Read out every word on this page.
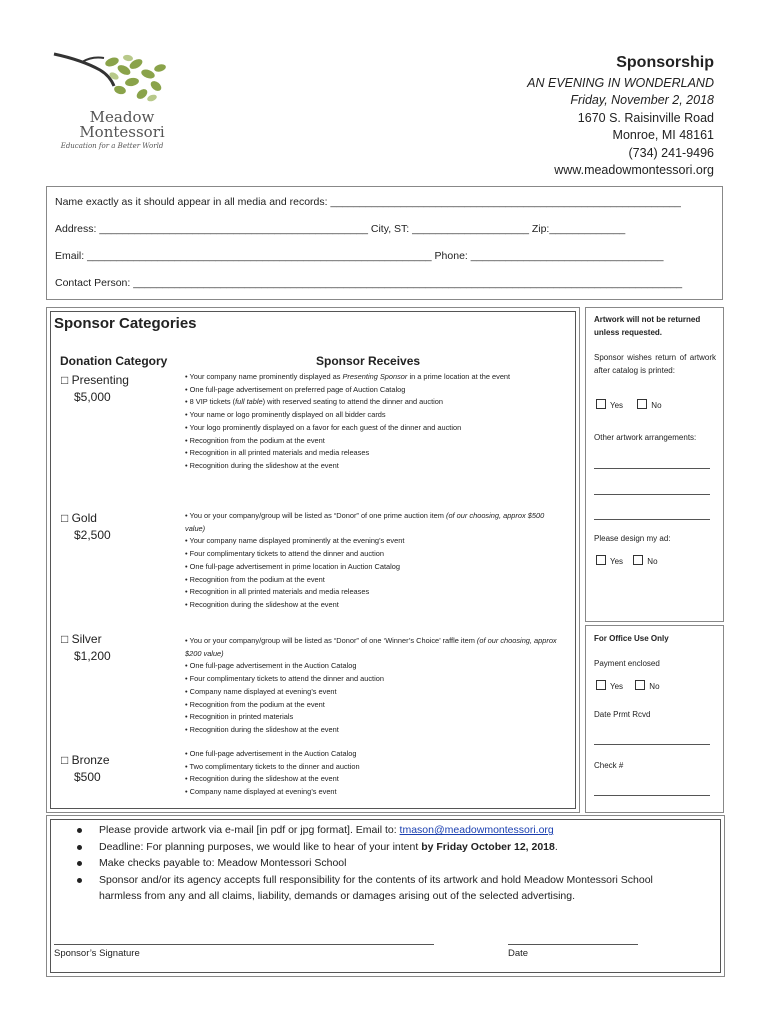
Meadow
Montessori
Education for a Better World
Sponsorship
AN EVENING IN WONDERLAND
Friday, November 2, 2018
1670 S. Raisinville Road
Monroe, MI 48161
(734) 241-9496
www.meadowmontessori.org
Name exactly as it should appear in all media and records: ____________________________________________________________
Address: ______________________________________________ City, ST: ____________________ Zip:_____________
Email: ___________________________________________________________ Phone: _________________________________
Contact Person: ______________________________________________________________________________________________
Sponsor Categories
Donation Category	Sponsor Receives
□ Presenting
$5,000
• Your company name prominently displayed as Presenting Sponsor in a prime location at the event
• One full-page advertisement on preferred page of Auction Catalog
• 8 VIP tickets (full table) with reserved seating to attend the dinner and auction
• Your name or logo prominently displayed on all bidder cards
• Your logo prominently displayed on a favor for each guest of the dinner and auction
• Recognition from the podium at the event
• Recognition in all printed materials and media releases
• Recognition during the slideshow at the event
□ Gold
$2,500
• You or your company/group will be listed as “Donor” of one prime auction item (of our choosing, approx $500 value)
• Your company name displayed prominently at the evening’s event
• Four complimentary tickets to attend the dinner and auction
• One full-page advertisement in prime location in Auction Catalog
• Recognition from the podium at the event
• Recognition in all printed materials and media releases
• Recognition during the slideshow at the event
□ Silver
$1,200
• You or your company/group will be listed as “Donor” of one ‘Winner’s Choice’ raffle item (of our choosing, approx $200 value)
• One full-page advertisement in the Auction Catalog
• Four complimentary tickets to attend the dinner and auction
• Company name displayed at evening’s event
• Recognition from the podium at the event
• Recognition in printed materials
• Recognition during the slideshow at the event
□ Bronze
$500
• One full-page advertisement in the Auction Catalog
• Two complimentary tickets to the dinner and auction
• Recognition during the slideshow at the event
• Company name displayed at evening’s event
Artwork will not be returned unless requested.
Sponsor wishes return of artwork after catalog is printed:
Yes	No
Other artwork arrangements:
Please design my ad:
Yes	No
For Office Use Only
Payment enclosed
Yes	No
Date Prmt Rcvd
Check #
Please provide artwork via e-mail [in pdf or jpg format]. Email to: tmason@meadowmontessori.org
Deadline: For planning purposes, we would like to hear of your intent by Friday October 12, 2018.
Make checks payable to: Meadow Montessori School
Sponsor and/or its agency accepts full responsibility for the contents of its artwork and hold Meadow Montessori School harmless from any and all claims, liability, demands or damages arising out of the selected advertising.
Sponsor’s Signature	Date
